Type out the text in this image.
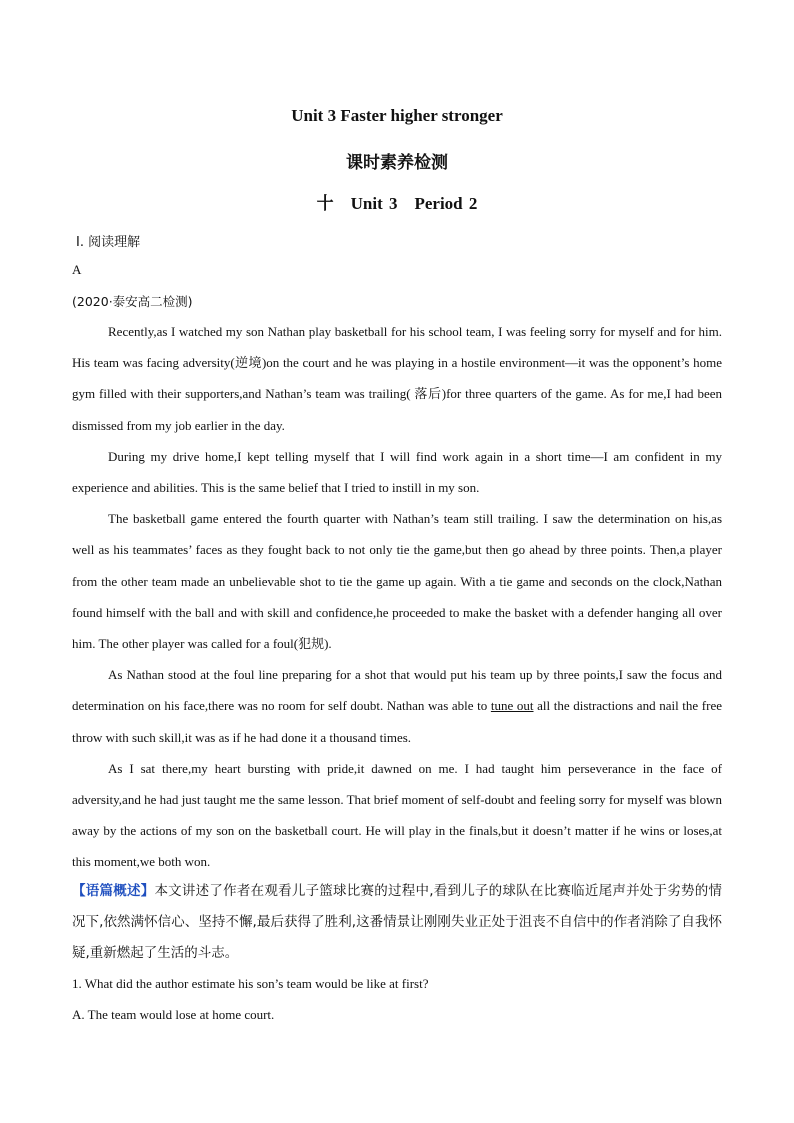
Unit 3 Faster higher stronger
课时素养检测
十　Unit 3　Period 2
Ⅰ. 阅读理解
A
(2020·泰安高二检测)

Recently,as I watched my son Nathan play basketball for his school team, I was feeling sorry for myself and for him. His team was facing adversity(逆境)on the court and he was playing in a hostile environment—it was the opponent’s home gym filled with their supporters,and Nathan’s team was trailing( 落后)for three quarters of the game. As for me,I had been dismissed from my job earlier in the day.

During my drive home,I kept telling myself that I will find work again in a short time—I am confident in my experience and abilities. This is the same belief that I tried to instill in my son.

The basketball game entered the fourth quarter with Nathan’s team still trailing. I saw the determination on his,as well as his teammates’ faces as they fought back to not only tie the game,but then go ahead by three points. Then,a player from the other team made an unbelievable shot to tie the game up again. With a tie game and seconds on the clock,Nathan found himself with the ball and with skill and confidence,he proceeded to make the basket with a defender hanging all over him. The other player was called for a foul(犯规).

As Nathan stood at the foul line preparing for a shot that would put his team up by three points,I saw the focus and determination on his face,there was no room for self doubt. Nathan was able to tune out all the distractions and nail the free throw with such skill,it was as if he had done it a thousand times.

As I sat there,my heart bursting with pride,it dawned on me. I had taught him perseverance in the face of adversity,and he had just taught me the same lesson. That brief moment of self-doubt and feeling sorry for myself was blown away by the actions of my son on the basketball court. He will play in the finals,but it doesn’t matter if he wins or loses,at this moment,we both won.

【语篇概述】本文讲述了作者在观看儿子篮球比赛的过程中,看到儿子的球队在比赛临近尾声并处于劣势的情况下,依然满怀信心、坚持不懈,最后获得了胜利,这番情景让刚刚失业正处于沮丧不自信中的作者消除了自我怀疑,重新燃起了生活的斗志。
1. What did the author estimate his son’s team would be like at first?
A. The team would lose at home court.
